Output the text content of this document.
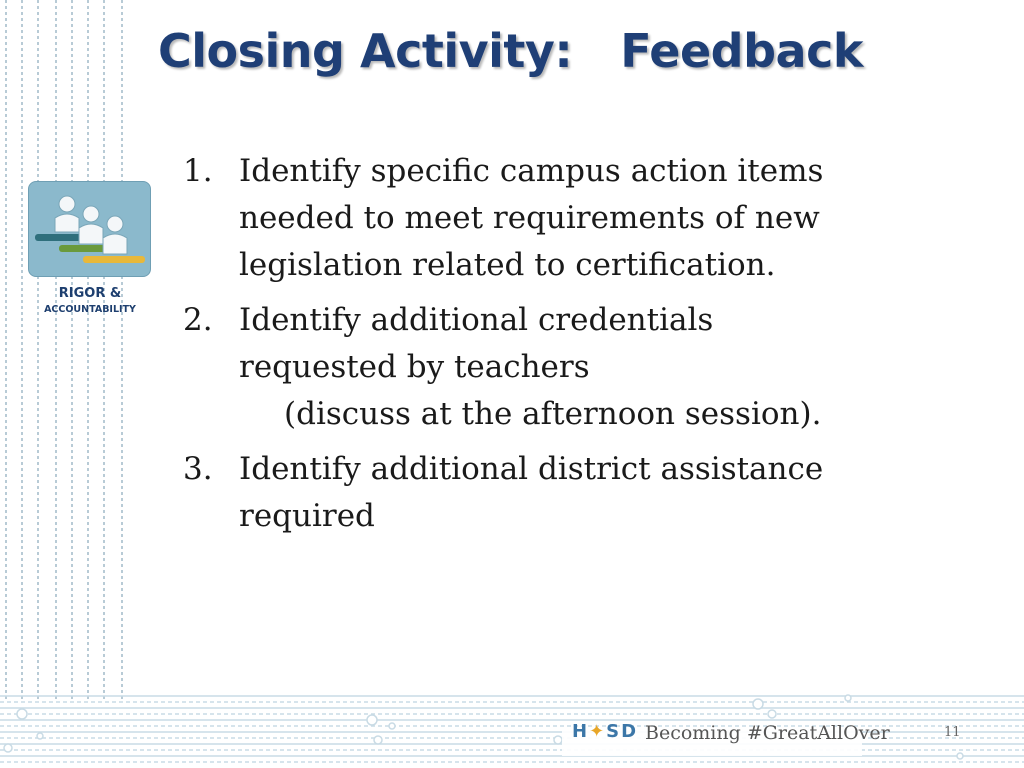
Closing Activity: Feedback
RIGOR &
ACCOUNTABILITY
1. Identify specific campus action items
needed to meet requirements of new
legislation related to certification.
2. Identify additional credentials
requested by teachers
(discuss at the afternoon session).
3. Identify additional district assistance
required
H✦SD Becoming #GreatAllOver	11
